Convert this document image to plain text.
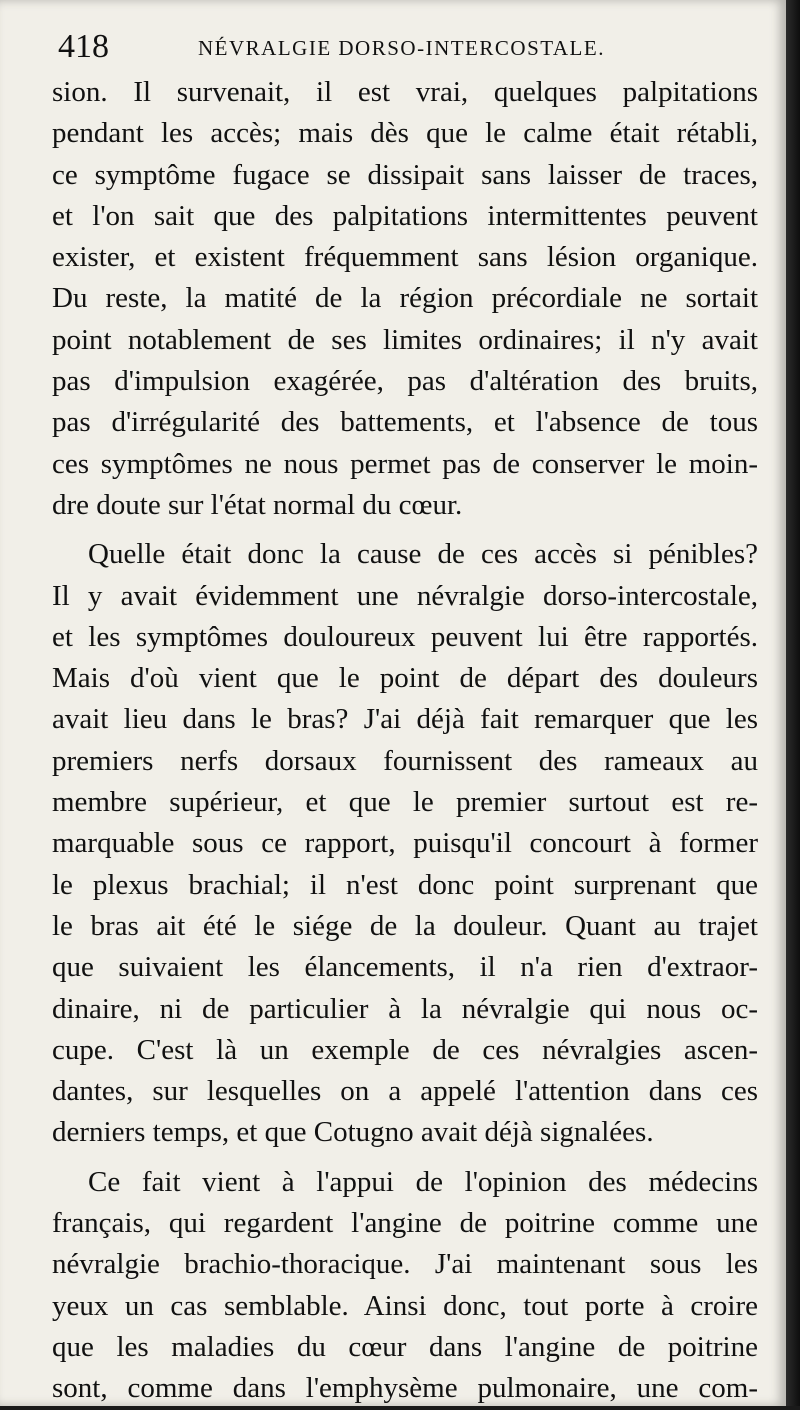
418	NÉVRALGIE DORSO-INTERCOSTALE.
sion. Il survenait, il est vrai, quelques palpitations
pendant les accès; mais dès que le calme était rétabli,
ce symptôme fugace se dissipait sans laisser de traces,
et l'on sait que des palpitations intermittentes peuvent
exister, et existent fréquemment sans lésion organique.
Du reste, la matité de la région précordiale ne sortait
point notablement de ses limites ordinaires; il n'y avait
pas d'impulsion exagérée, pas d'altération des bruits,
pas d'irrégularité des battements, et l'absence de tous
ces symptômes ne nous permet pas de conserver le moin-
dre doute sur l'état normal du cœur.
Quelle était donc la cause de ces accès si pénibles?
Il y avait évidemment une névralgie dorso-intercostale,
et les symptômes douloureux peuvent lui être rapportés.
Mais d'où vient que le point de départ des douleurs
avait lieu dans le bras? J'ai déjà fait remarquer que les
premiers nerfs dorsaux fournissent des rameaux au
membre supérieur, et que le premier surtout est re-
marquable sous ce rapport, puisqu'il concourt à former
le plexus brachial; il n'est donc point surprenant que
le bras ait été le siége de la douleur. Quant au trajet
que suivaient les élancements, il n'a rien d'extraor-
dinaire, ni de particulier à la névralgie qui nous oc-
cupe. C'est là un exemple de ces névralgies ascen-
dantes, sur lesquelles on a appelé l'attention dans ces
derniers temps, et que Cotugno avait déjà signalées.
Ce fait vient à l'appui de l'opinion des médecins
français, qui regardent l'angine de poitrine comme une
névralgie brachio-thoracique. J'ai maintenant sous les
yeux un cas semblable. Ainsi donc, tout porte à croire
que les maladies du cœur dans l'angine de poitrine
sont, comme dans l'emphysème pulmonaire, une com-
